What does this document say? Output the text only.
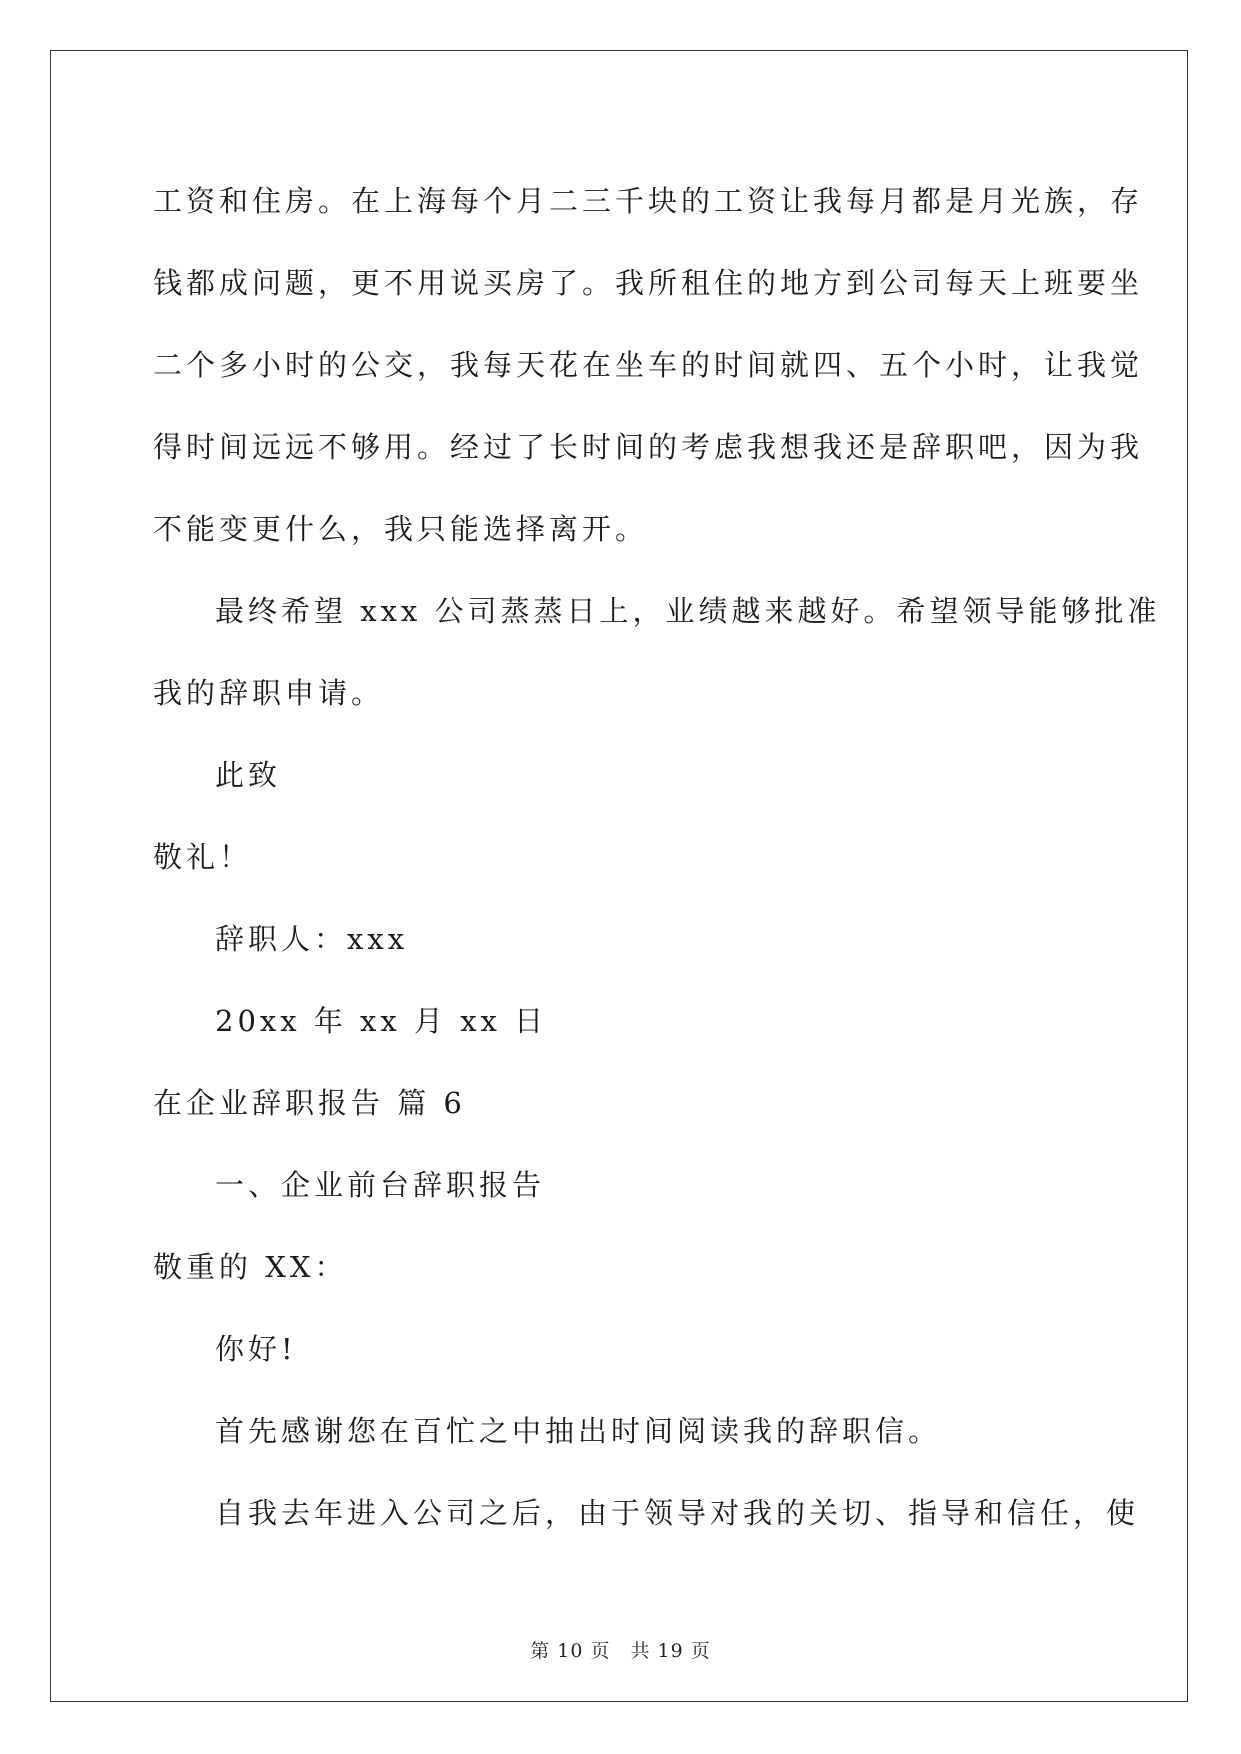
工资和住房。在上海每个月二三千块的工资让我每月都是月光族，存
钱都成问题，更不用说买房了。我所租住的地方到公司每天上班要坐
二个多小时的公交，我每天花在坐车的时间就四、五个小时，让我觉
得时间远远不够用。经过了长时间的考虑我想我还是辞职吧，因为我
不能变更什么，我只能选择离开。
最终希望 xxx 公司蒸蒸日上，业绩越来越好。希望领导能够批准
我的辞职申请。
此致
敬礼！
辞职人：xxx
20xx 年 xx 月 xx 日
在企业辞职报告 篇 6
一、企业前台辞职报告
敬重的 XX：
你好!
首先感谢您在百忙之中抽出时间阅读我的辞职信。
自我去年进入公司之后，由于领导对我的关切、指导和信任，使
第 10 页　共 19 页
